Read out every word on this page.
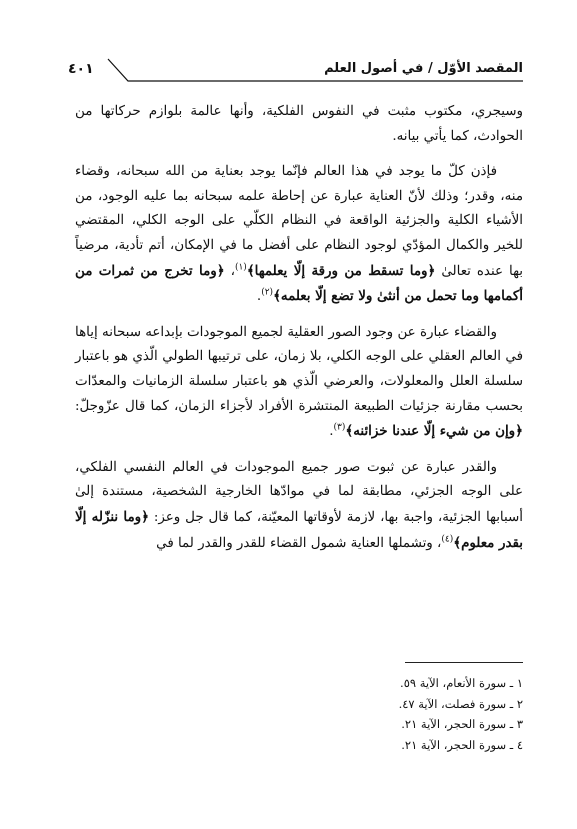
المقصد الأوّل / في أصول العلم
٤٠١

وسيجري، مكتوب مثبت في النفوس الفلكية، وأنها عالمة بلوازم حركاتها من الحوادث، كما يأتي بيانه.

فإذن كلّ ما يوجد في هذا العالم فإنّما يوجد بعناية من الله سبحانه، وقضاء منه، وقدر؛ وذلك لأنّ العناية عبارة عن إحاطة علمه سبحانه بما عليه الوجود، من الأشياء الكلية والجزئية الواقعة في النظام الكلّي على الوجه الكلي، المقتضي للخير والكمال المؤدّي لوجود النظام على أفضل ما في الإمكان، أتم تأدية، مرضياً بها عنده تعالىٰ ﴿وما تسقط من ورقة إلّا يعلمها﴾$^{(١)}$، ﴿وما تخرج من ثمرات من أكمامها وما تحمل من أنثىٰ ولا تضع إلّا بعلمه﴾$^{(٢)}$.

والقضاء عبارة عن وجود الصور العقلية لجميع الموجودات بإبداعه سبحانه إياها في العالم العقلي على الوجه الكلي، بلا زمان، على ترتيبها الطولي الّذي هو باعتبار سلسلة العلل والمعلولات، والعرضي الّذي هو باعتبار سلسلة الزمانيات والمعدّات بحسب مقارنة جزئيات الطبيعة المنتشرة الأفراد لأجزاء الزمان، كما قال عزّوجلّ: ﴿وإن من شيء إلّا عندنا خزائنه﴾$^{(٣)}$.

والقدر عبارة عن ثبوت صور جميع الموجودات في العالم النفسي الفلكي، على الوجه الجزئي، مطابقة لما في موادّها الخارجية الشخصية، مستندة إلىٰ أسبابها الجزئية، واجبة بها، لازمة لأوقاتها المعيّنة، كما قال جل وعز: ﴿وما ننزّله إلّا بقدر معلوم﴾$^{(٤)}$، وتشملها العناية شمول القضاء للقدر والقدر لما في

١ ـ سورة الأنعام، الآية ٥٩.
٢ ـ سورة فصلت، الآية ٤٧.
٣ ـ سورة الحجر، الآية ٢١.
٤ ـ سورة الحجر، الآية ٢١.
